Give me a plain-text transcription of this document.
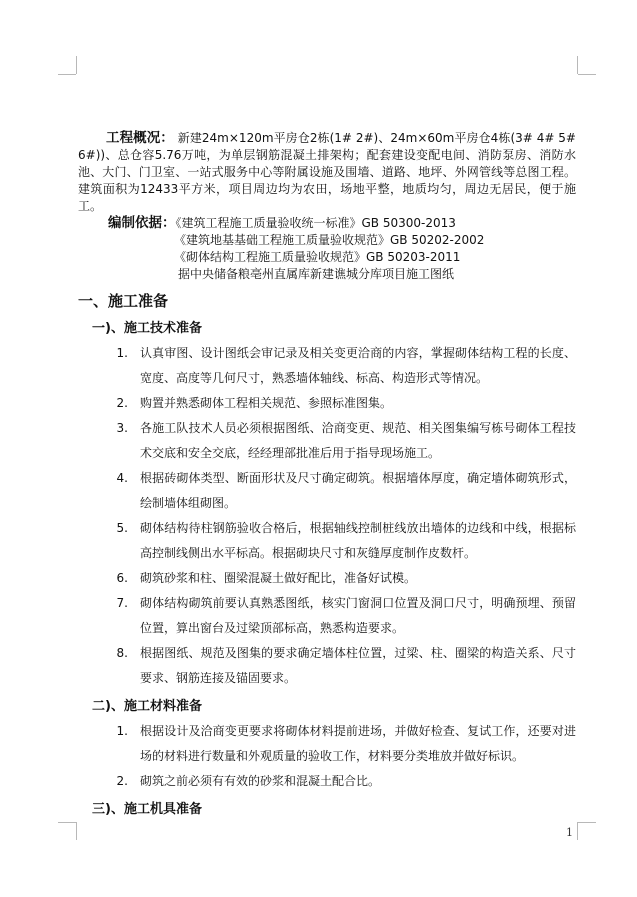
工程概况： 新建24m×120m平房仓2栋(1# 2#)、24m×60m平房仓4栋(3# 4# 5# 6#))、总仓容5.76万吨，为单层钢筋混凝土排架构；配套建设变配电间、消防泵房、消防水池、大门、门卫室、一站式服务中心等附属设施及围墙、道路、地坪、外网管线等总图工程。建筑面积为12433平方米，项目周边均为农田，场地平整，地质均匀，周边无居民，便于施工。

编制依据：《建筑工程施工质量验收统一标准》GB 50300-2013
《建筑地基基础工程施工质量验收规范》GB 50202-2002
《砌体结构工程施工质量验收规范》GB 50203-2011
据中央储备粮亳州直属库新建谯城分库项目施工图纸
一、施工准备
一)、施工技术准备
1.	认真审图、设计图纸会审记录及相关变更洽商的内容，掌握砌体结构工程的长度、宽度、高度等几何尺寸，熟悉墙体轴线、标高、构造形式等情况。
2.	购置并熟悉砌体工程相关规范、参照标准图集。
3.	各施工队技术人员必须根据图纸、洽商变更、规范、相关图集编写栋号砌体工程技术交底和安全交底，经经理部批准后用于指导现场施工。
4.	根据砖砌体类型、断面形状及尺寸确定砌筑。根据墙体厚度，确定墙体砌筑形式，绘制墙体组砌图。
5.	砌体结构待柱钢筋验收合格后，根据轴线控制桩线放出墙体的边线和中线，根据标高控制线侧出水平标高。根据砌块尺寸和灰缝厚度制作皮数杆。
6.	砌筑砂浆和柱、圈梁混凝土做好配比，准备好试模。
7.	砌体结构砌筑前要认真熟悉图纸，核实门窗洞口位置及洞口尺寸，明确预埋、预留位置，算出窗台及过梁顶部标高，熟悉构造要求。
8.	根据图纸、规范及图集的要求确定墙体柱位置，过梁、柱、圈梁的构造关系、尺寸要求、钢筋连接及锚固要求。
二)、施工材料准备
1.	根据设计及洽商变更要求将砌体材料提前进场，并做好检查、复试工作，还要对进场的材料进行数量和外观质量的验收工作，材料要分类堆放并做好标识。
2.	砌筑之前必须有有效的砂浆和混凝土配合比。
三)、施工机具准备
1
